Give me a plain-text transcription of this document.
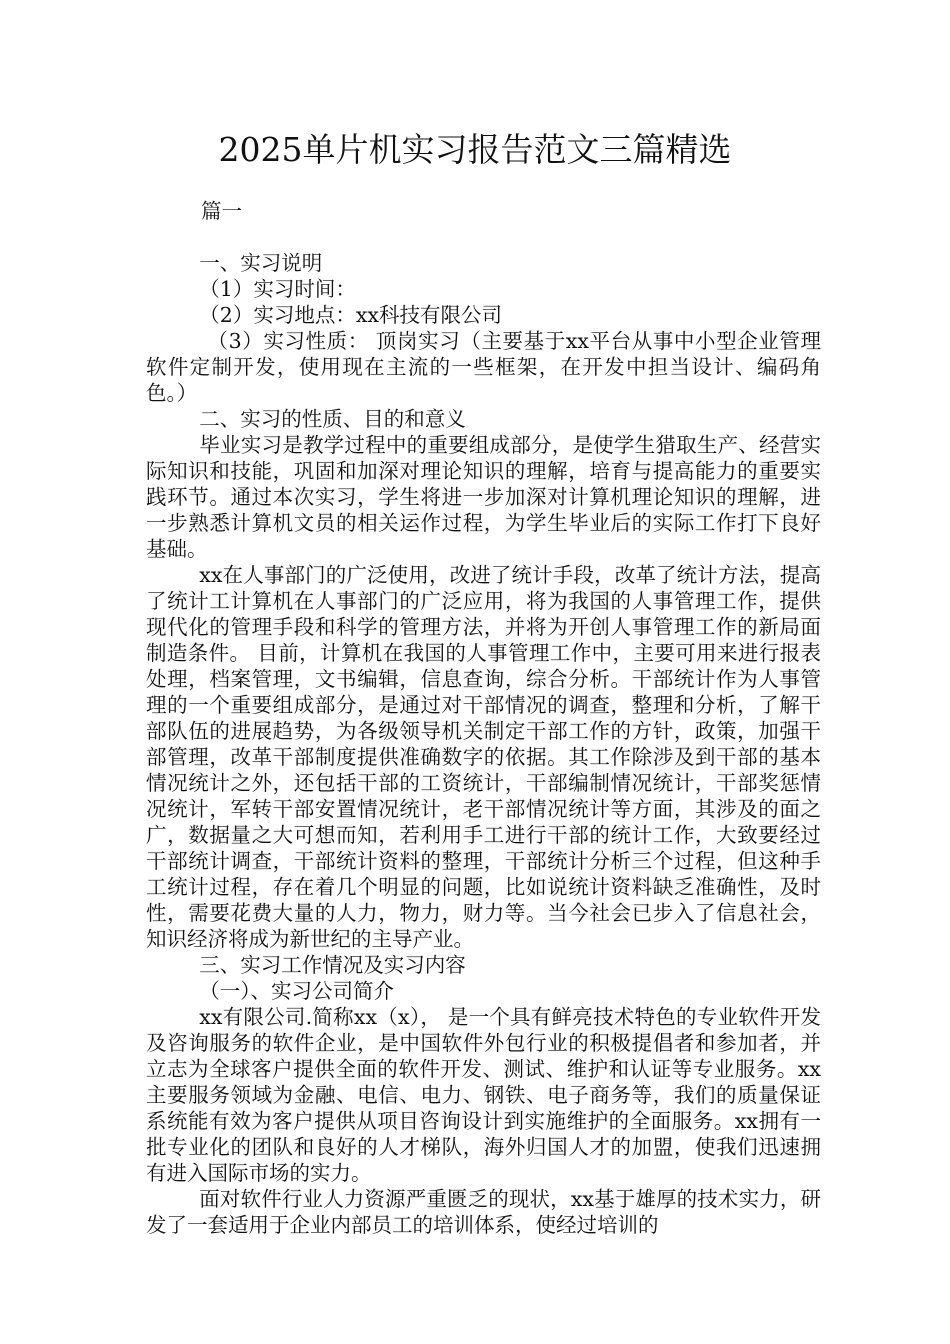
2025单片机实习报告范文三篇精选

篇一

一、实习说明

（1）实习时间：

（2）实习地点：xx科技有限公司

（3）实习性质： 顶岗实习（主要基于xx平台从事中小型企业管理软件定制开发，使用现在主流的一些框架，在开发中担当设计、编码角色。）

二、实习的性质、目的和意义

毕业实习是教学过程中的重要组成部分，是使学生猎取生产、经营实际知识和技能，巩固和加深对理论知识的理解，培育与提高能力的重要实践环节。通过本次实习，学生将进一步加深对计算机理论知识的理解，进一步熟悉计算机文员的相关运作过程，为学生毕业后的实际工作打下良好基础。

xx在人事部门的广泛使用，改进了统计手段，改革了统计方法，提高了统计工计算机在人事部门的广泛应用，将为我国的人事管理工作，提供现代化的管理手段和科学的管理方法，并将为开创人事管理工作的新局面制造条件。 目前，计算机在我国的人事管理工作中，主要可用来进行报表处理，档案管理，文书编辑，信息查询，综合分析。干部统计作为人事管理的一个重要组成部分，是通过对干部情况的调查，整理和分析，了解干部队伍的进展趋势，为各级领导机关制定干部工作的方针，政策，加强干部管理，改革干部制度提供准确数字的依据。其工作除涉及到干部的基本情况统计之外，还包括干部的工资统计，干部编制情况统计，干部奖惩情况统计，军转干部安置情况统计，老干部情况统计等方面，其涉及的面之广，数据量之大可想而知，若利用手工进行干部的统计工作，大致要经过干部统计调查，干部统计资料的整理，干部统计分析三个过程，但这种手工统计过程，存在着几个明显的问题，比如说统计资料缺乏准确性，及时性，需要花费大量的人力，物力，财力等。当今社会已步入了信息社会，知识经济将成为新世纪的主导产业。

三、实习工作情况及实习内容

（一）、实习公司简介

xx有限公司.简称xx（x）， 是一个具有鲜亮技术特色的专业软件开发及咨询服务的软件企业，是中国软件外包行业的积极提倡者和参加者，并立志为全球客户提供全面的软件开发、测试、维护和认证等专业服务。xx主要服务领域为金融、电信、电力、钢铁、电子商务等，我们的质量保证系统能有效为客户提供从项目咨询设计到实施维护的全面服务。xx拥有一批专业化的团队和良好的人才梯队，海外归国人才的加盟，使我们迅速拥有进入国际市场的实力。

面对软件行业人力资源严重匮乏的现状，xx基于雄厚的技术实力，研发了一套适用于企业内部员工的培训体系，使经过培训的
